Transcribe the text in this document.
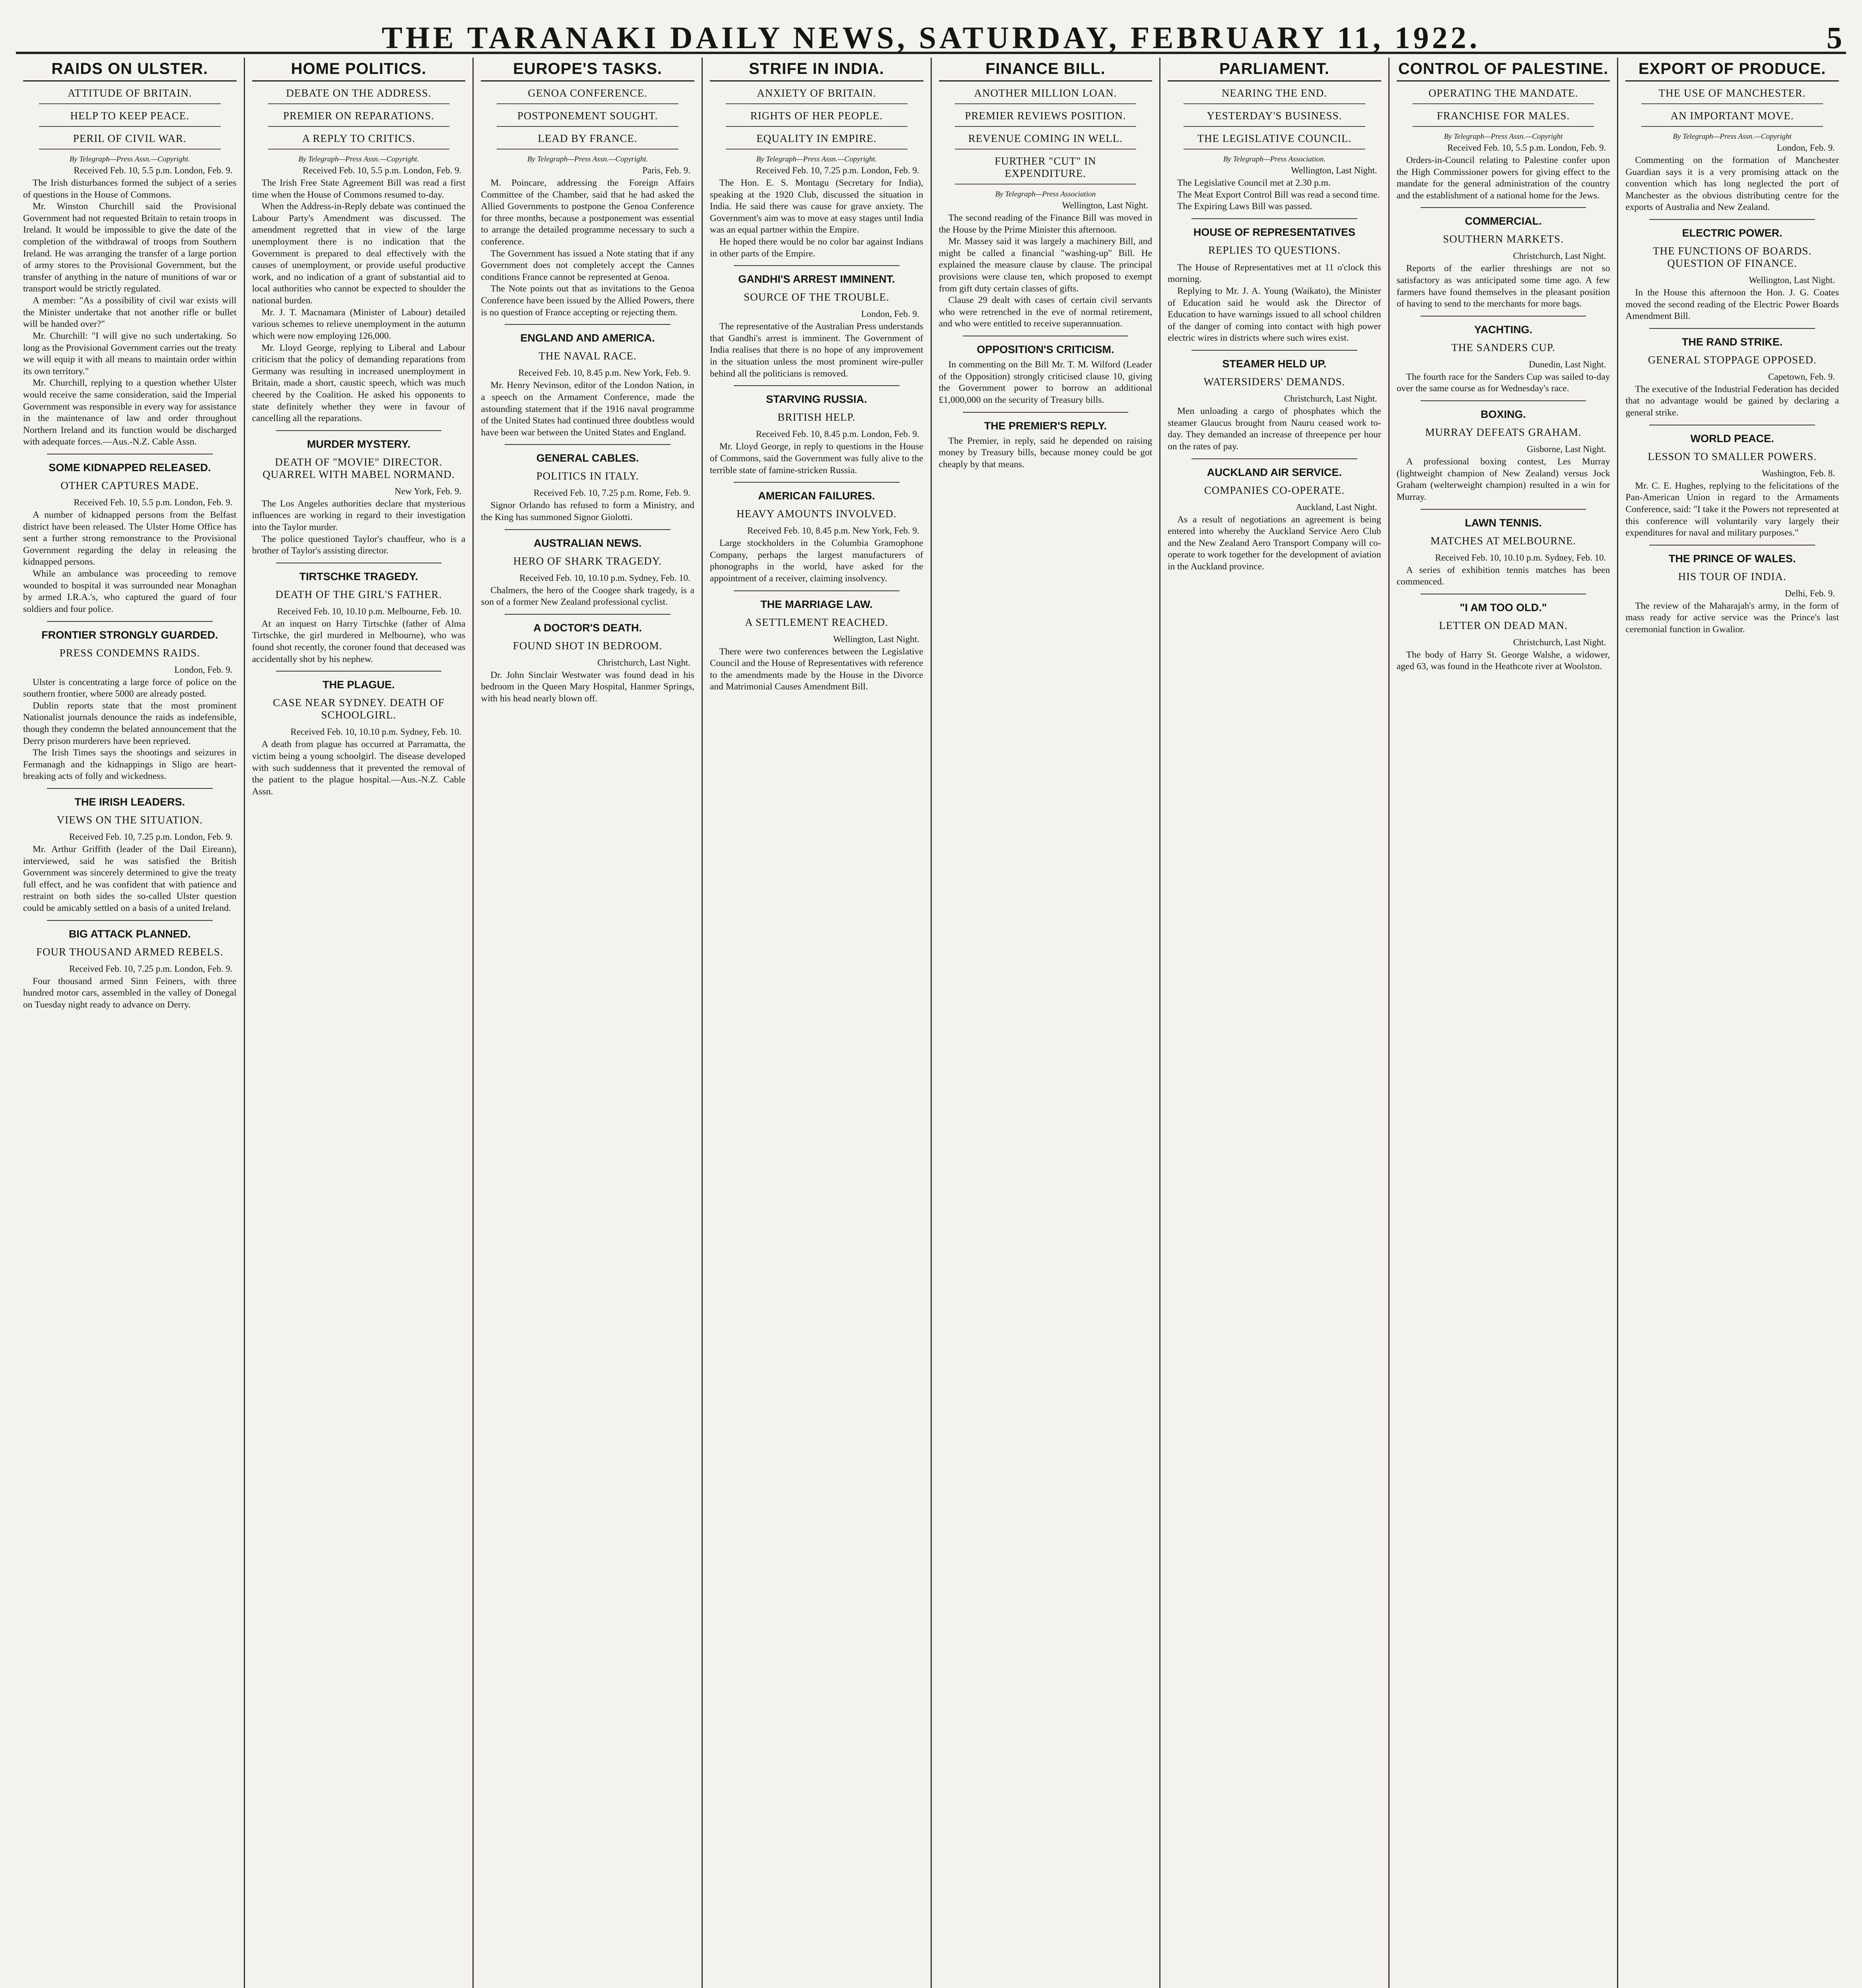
THE TARANAKI DAILY NEWS, SATURDAY, FEBRUARY 11, 1922.	5
RAIDS ON ULSTER.
ATTITUDE OF BRITAIN.
HELP TO KEEP PEACE.
PERIL OF CIVIL WAR.
By Telegraph—Press Assn.—Copyright.
Received Feb. 10, 5.5 p.m. London, Feb. 9.

The Irish disturbances formed the subject of a series of questions in the House of Commons.

Mr. Winston Churchill said the Provisional Government had not requested Britain to retain troops in Ireland. It would be impossible to give the date of the completion of the withdrawal of troops from Southern Ireland. He was arranging the transfer of a large portion of army stores to the Provisional Government, but the transfer of anything in the nature of munitions of war or transport would be strictly regulated.

A member: "As a possibility of civil war exists will the Minister undertake that not another rifle or bullet will be handed over?"

Mr. Churchill: "I will give no such undertaking. So long as the Provisional Government carries out the treaty we will equip it with all means to maintain order within its own territory."

Mr. Churchill, replying to a question whether Ulster would receive the same consideration, said the Imperial Government was responsible in every way for assistance in the maintenance of law and order throughout Northern Ireland and its function would be discharged with adequate forces.—Aus.-N.Z. Cable Assn.

SOME KIDNAPPED RELEASED.
OTHER CAPTURES MADE.
Received Feb. 10, 5.5 p.m. London, Feb. 9.

A number of kidnapped persons from the Belfast district have been released. The Ulster Home Office has sent a further strong remonstrance to the Provisional Government regarding the delay in releasing the kidnapped persons.

While an ambulance was proceeding to remove wounded to hospital it was surrounded near Monaghan by armed I.R.A.'s, who captured the guard of four soldiers and four police.

FRONTIER STRONGLY GUARDED.
PRESS CONDEMNS RAIDS.
London, Feb. 9.

Ulster is concentrating a large force of police on the southern frontier, where 5000 are already posted.

Dublin reports state that the most prominent Nationalist journals denounce the raids as indefensible, though they condemn the belated announcement that the Derry prison murderers have been reprieved.

The Irish Times says the shootings and seizures in Fermanagh and the kidnappings in Sligo are heart-breaking acts of folly and wickedness.

THE IRISH LEADERS.
VIEWS ON THE SITUATION.
Received Feb. 10, 7.25 p.m. London, Feb. 9.

Mr. Arthur Griffith (leader of the Dail Eireann), interviewed, said he was satisfied the British Government was sincerely determined to give the treaty full effect, and he was confident that with patience and restraint on both sides the so-called Ulster question could be amicably settled on a basis of a united Ireland.

BIG ATTACK PLANNED.
FOUR THOUSAND ARMED REBELS.
Received Feb. 10, 7.25 p.m. London, Feb. 9.

Four thousand armed Sinn Feiners, with three hundred motor cars, assembled in the valley of Donegal on Tuesday night ready to advance on Derry.

HOME POLITICS.
DEBATE ON THE ADDRESS.
PREMIER ON REPARATIONS.
A REPLY TO CRITICS.
By Telegraph—Press Assn.—Copyright.
Received Feb. 10, 5.5 p.m. London, Feb. 9.

The Irish Free State Agreement Bill was read a first time when the House of Commons resumed to-day.

When the Address-in-Reply debate was continued the Labour Party's Amendment was discussed. The amendment regretted that in view of the large unemployment there is no indication that the Government is prepared to deal effectively with the causes of unemployment, or provide useful productive work, and no indication of a grant of substantial aid to local authorities who cannot be expected to shoulder the national burden.

Mr. J. T. Macnamara (Minister of Labour) detailed various schemes to relieve unemployment in the autumn which were now employing 126,000.

Mr. Lloyd George, replying to Liberal and Labour criticism that the policy of demanding reparations from Germany was resulting in increased unemployment in Britain, made a short, caustic speech, which was much cheered by the Coalition. He asked his opponents to state definitely whether they were in favour of cancelling all the reparations.

MURDER MYSTERY.
DEATH OF "MOVIE" DIRECTOR. QUARREL WITH MABEL NORMAND.
New York, Feb. 9.

The Los Angeles authorities declare that mysterious influences are working in regard to their investigation into the Taylor murder.

The police questioned Taylor's chauffeur, who is a brother of Taylor's assisting director.

TIRTSCHKE TRAGEDY.
DEATH OF THE GIRL'S FATHER.
Received Feb. 10, 10.10 p.m. Melbourne, Feb. 10.

At an inquest on Harry Tirtschke (father of Alma Tirtschke, the girl murdered in Melbourne), who was found shot recently, the coroner found that deceased was accidentally shot by his nephew.

THE PLAGUE.
CASE NEAR SYDNEY. DEATH OF SCHOOLGIRL.
Received Feb. 10, 10.10 p.m. Sydney, Feb. 10.

A death from plague has occurred at Parramatta, the victim being a young schoolgirl. The disease developed with such suddenness that it prevented the removal of the patient to the plague hospital.—Aus.-N.Z. Cable Assn.

EUROPE'S TASKS.
GENOA CONFERENCE.
POSTPONEMENT SOUGHT.
LEAD BY FRANCE.
By Telegraph—Press Assn.—Copyright.
Paris, Feb. 9.

M. Poincare, addressing the Foreign Affairs Committee of the Chamber, said that he had asked the Allied Governments to postpone the Genoa Conference for three months, because a postponement was essential to arrange the detailed programme necessary to such a conference.

The Government has issued a Note stating that if any Government does not completely accept the Cannes conditions France cannot be represented at Genoa.

The Note points out that as invitations to the Genoa Conference have been issued by the Allied Powers, there is no question of France accepting or rejecting them.

ENGLAND AND AMERICA.
THE NAVAL RACE.
Received Feb. 10, 8.45 p.m. New York, Feb. 9.

Mr. Henry Nevinson, editor of the London Nation, in a speech on the Armament Conference, made the astounding statement that if the 1916 naval programme of the United States had continued three doubtless would have been war between the United States and England.

GENERAL CABLES.
POLITICS IN ITALY.
Received Feb. 10, 7.25 p.m. Rome, Feb. 9.

Signor Orlando has refused to form a Ministry, and the King has summoned Signor Giolotti.

AUSTRALIAN NEWS.
HERO OF SHARK TRAGEDY.
Received Feb. 10, 10.10 p.m. Sydney, Feb. 10.

Chalmers, the hero of the Coogee shark tragedy, is a son of a former New Zealand professional cyclist.

A DOCTOR'S DEATH.
FOUND SHOT IN BEDROOM.
Christchurch, Last Night.

Dr. John Sinclair Westwater was found dead in his bedroom in the Queen Mary Hospital, Hanmer Springs, with his head nearly blown off.

STRIFE IN INDIA.
ANXIETY OF BRITAIN.
RIGHTS OF HER PEOPLE.
EQUALITY IN EMPIRE.
By Telegraph—Press Assn.—Copyright.
Received Feb. 10, 7.25 p.m. London, Feb. 9.

The Hon. E. S. Montagu (Secretary for India), speaking at the 1920 Club, discussed the situation in India. He said there was cause for grave anxiety. The Government's aim was to move at easy stages until India was an equal partner within the Empire.

He hoped there would be no color bar against Indians in other parts of the Empire.

GANDHI'S ARREST IMMINENT.
SOURCE OF THE TROUBLE.
London, Feb. 9.

The representative of the Australian Press understands that Gandhi's arrest is imminent. The Government of India realises that there is no hope of any improvement in the situation unless the most prominent wire-puller behind all the politicians is removed.

STARVING RUSSIA.
BRITISH HELP.
Received Feb. 10, 8.45 p.m. London, Feb. 9.

Mr. Lloyd George, in reply to questions in the House of Commons, said the Government was fully alive to the terrible state of famine-stricken Russia.

AMERICAN FAILURES.
HEAVY AMOUNTS INVOLVED.
Received Feb. 10, 8.45 p.m. New York, Feb. 9.

Large stockholders in the Columbia Gramophone Company, perhaps the largest manufacturers of phonographs in the world, have asked for the appointment of a receiver, claiming insolvency.

THE MARRIAGE LAW.
A SETTLEMENT REACHED.
Wellington, Last Night.

There were two conferences between the Legislative Council and the House of Representatives with reference to the amendments made by the House in the Divorce and Matrimonial Causes Amendment Bill.

FINANCE BILL.
ANOTHER MILLION LOAN.
PREMIER REVIEWS POSITION.
REVENUE COMING IN WELL.
FURTHER "CUT" IN EXPENDITURE.
By Telegraph—Press Association
Wellington, Last Night.

The second reading of the Finance Bill was moved in the House by the Prime Minister this afternoon.

Mr. Massey said it was largely a machinery Bill, and might be called a financial "washing-up" Bill. He explained the measure clause by clause. The principal provisions were clause ten, which proposed to exempt from gift duty certain classes of gifts.

Clause 29 dealt with cases of certain civil servants who were retrenched in the eve of normal retirement, and who were entitled to receive superannuation.

OPPOSITION'S CRITICISM.

In commenting on the Bill Mr. T. M. Wilford (Leader of the Opposition) strongly criticised clause 10, giving the Government power to borrow an additional £1,000,000 on the security of Treasury bills.

THE PREMIER'S REPLY.

The Premier, in reply, said he depended on raising money by Treasury bills, because money could be got cheaply by that means.

PARLIAMENT.
NEARING THE END.
YESTERDAY'S BUSINESS.
THE LEGISLATIVE COUNCIL.
By Telegraph—Press Association.
Wellington, Last Night.

The Legislative Council met at 2.30 p.m.

The Meat Export Control Bill was read a second time.

The Expiring Laws Bill was passed.

HOUSE OF REPRESENTATIVES
REPLIES TO QUESTIONS.

The House of Representatives met at 11 o'clock this morning.

Replying to Mr. J. A. Young (Waikato), the Minister of Education said he would ask the Director of Education to have warnings issued to all school children of the danger of coming into contact with high power electric wires in districts where such wires exist.

STEAMER HELD UP.
WATERSIDERS' DEMANDS.
Christchurch, Last Night.

Men unloading a cargo of phosphates which the steamer Glaucus brought from Nauru ceased work to-day. They demanded an increase of threepence per hour on the rates of pay.

AUCKLAND AIR SERVICE.
COMPANIES CO-OPERATE.
Auckland, Last Night.

As a result of negotiations an agreement is being entered into whereby the Auckland Service Aero Club and the New Zealand Aero Transport Company will co-operate to work together for the development of aviation in the Auckland province.

CONTROL OF PALESTINE.
OPERATING THE MANDATE.
FRANCHISE FOR MALES.
By Telegraph—Press Assn.—Copyright
Received Feb. 10, 5.5 p.m. London, Feb. 9.

Orders-in-Council relating to Palestine confer upon the High Commissioner powers for giving effect to the mandate for the general administration of the country and the establishment of a national home for the Jews.

COMMERCIAL.
SOUTHERN MARKETS.
Christchurch, Last Night.

Reports of the earlier threshings are not so satisfactory as was anticipated some time ago. A few farmers have found themselves in the pleasant position of having to send to the merchants for more bags.

YACHTING.
THE SANDERS CUP.
Dunedin, Last Night.

The fourth race for the Sanders Cup was sailed to-day over the same course as for Wednesday's race.

BOXING.
MURRAY DEFEATS GRAHAM.
Gisborne, Last Night.

A professional boxing contest, Les Murray (lightweight champion of New Zealand) versus Jock Graham (welterweight champion) resulted in a win for Murray.

LAWN TENNIS.
MATCHES AT MELBOURNE.
Received Feb. 10, 10.10 p.m. Sydney, Feb. 10.

A series of exhibition tennis matches has been commenced.

"I AM TOO OLD."
LETTER ON DEAD MAN.
Christchurch, Last Night.

The body of Harry St. George Walshe, a widower, aged 63, was found in the Heathcote river at Woolston.

EXPORT OF PRODUCE.
THE USE OF MANCHESTER.
AN IMPORTANT MOVE.
By Telegraph—Press Assn.—Copyright
London, Feb. 9.

Commenting on the formation of Manchester Guardian says it is a very promising attack on the convention which has long neglected the port of Manchester as the obvious distributing centre for the exports of Australia and New Zealand.

ELECTRIC POWER.
THE FUNCTIONS OF BOARDS. QUESTION OF FINANCE.
Wellington, Last Night.

In the House this afternoon the Hon. J. G. Coates moved the second reading of the Electric Power Boards Amendment Bill.

THE RAND STRIKE.
GENERAL STOPPAGE OPPOSED.
Capetown, Feb. 9.

The executive of the Industrial Federation has decided that no advantage would be gained by declaring a general strike.

WORLD PEACE.
LESSON TO SMALLER POWERS.
Washington, Feb. 8.

Mr. C. E. Hughes, replying to the felicitations of the Pan-American Union in regard to the Armaments Conference, said: "I take it the Powers not represented at this conference will voluntarily vary largely their expenditures for naval and military purposes."

THE PRINCE OF WALES.
HIS TOUR OF INDIA.
Delhi, Feb. 9.

The review of the Maharajah's army, in the form of mass ready for active service was the Prince's last ceremonial function in Gwalior.
